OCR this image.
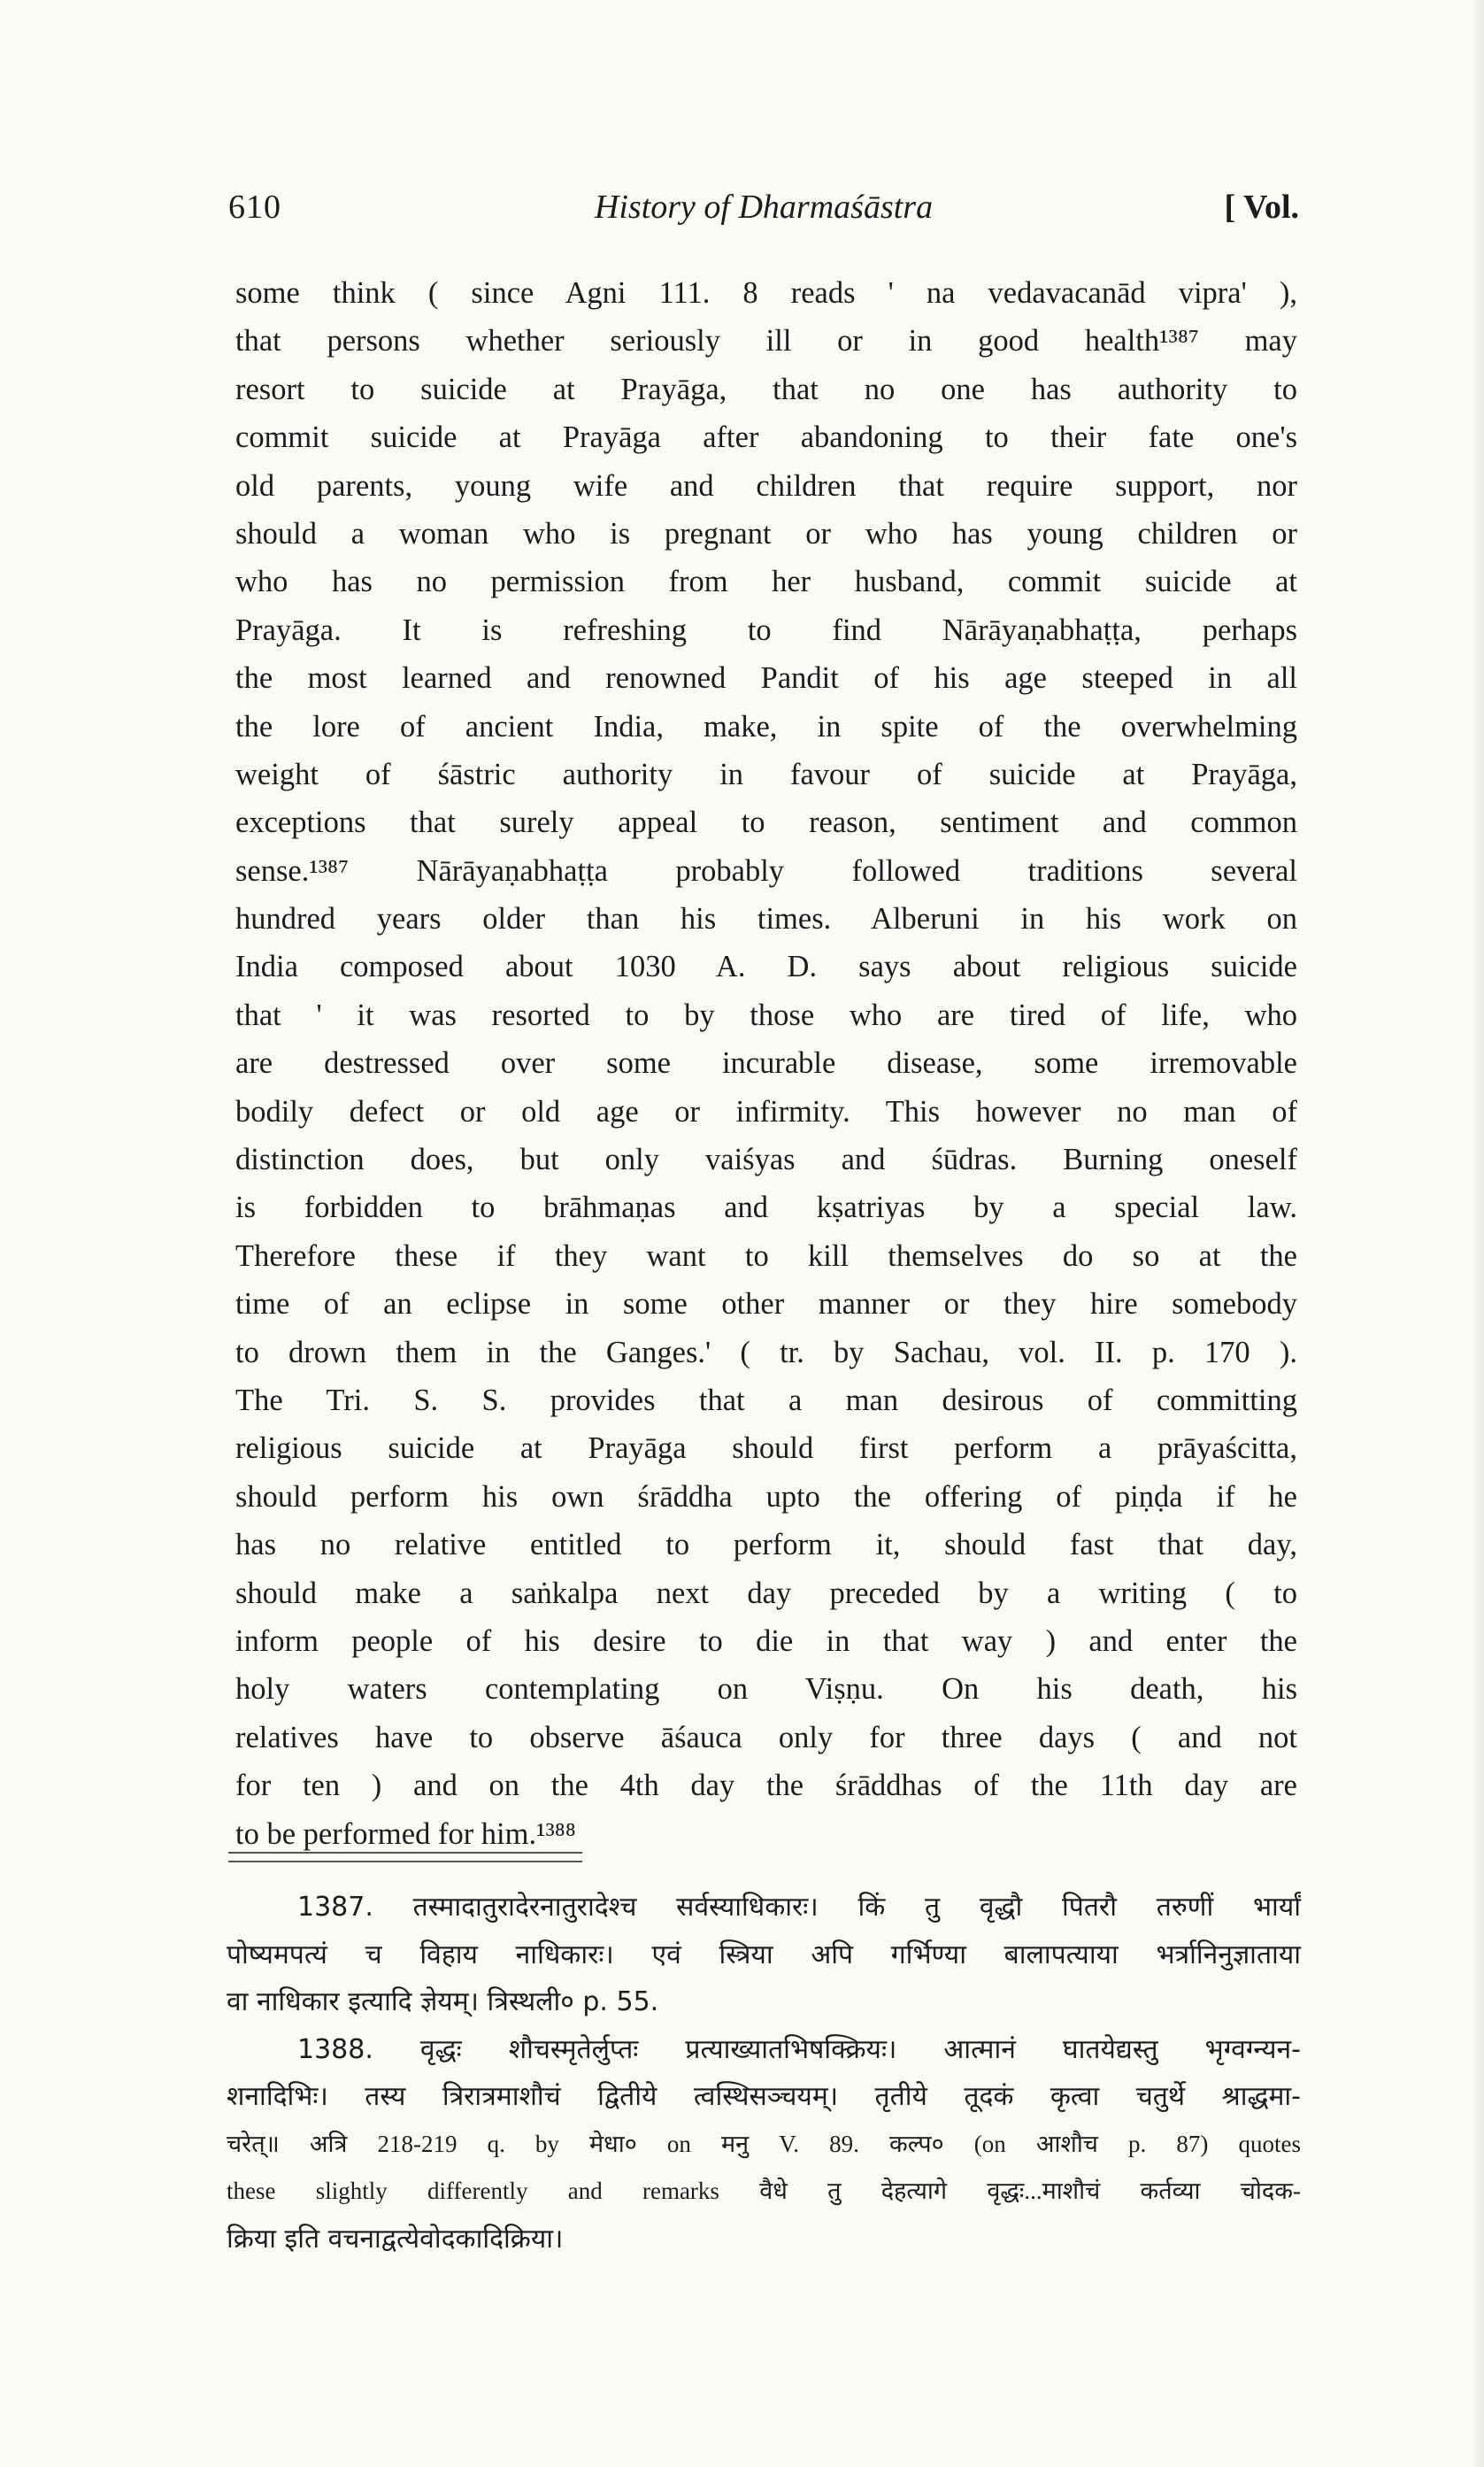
610	History of Dharmaśāstra	[ Vol.
some think ( since Agni 111. 8 reads ' na vedavacanād vipra' ),
that persons whether seriously ill or in good health¹³⁸⁷ may
resort to suicide at Prayāga, that no one has authority to
commit suicide at Prayāga after abandoning to their fate one's
old parents, young wife and children that require support, nor
should a woman who is pregnant or who has young children or
who has no permission from her husband, commit suicide at
Prayāga. It is refreshing to find Nārāyaṇabhaṭṭa, perhaps
the most learned and renowned Pandit of his age steeped in all
the lore of ancient India, make, in spite of the overwhelming
weight of śāstric authority in favour of suicide at Prayāga,
exceptions that surely appeal to reason, sentiment and common
sense.¹³⁸⁷ Nārāyaṇabhaṭṭa probably followed traditions several
hundred years older than his times. Alberuni in his work on
India composed about 1030 A. D. says about religious suicide
that ' it was resorted to by those who are tired of life, who
are destressed over some incurable disease, some irremovable
bodily defect or old age or infirmity. This however no man of
distinction does, but only vaiśyas and śūdras. Burning oneself
is forbidden to brāhmaṇas and kṣatriyas by a special law.
Therefore these if they want to kill themselves do so at the
time of an eclipse in some other manner or they hire somebody
to drown them in the Ganges.' ( tr. by Sachau, vol. II. p. 170 ).
The Tri. S. S. provides that a man desirous of committing
religious suicide at Prayāga should first perform a prāyaścitta,
should perform his own śrāddha upto the offering of piṇḍa if he
has no relative entitled to perform it, should fast that day,
should make a saṅkalpa next day preceded by a writing ( to
inform people of his desire to die in that way ) and enter the
holy waters contemplating on Viṣṇu. On his death, his
relatives have to observe āśauca only for three days ( and not
for ten ) and on the 4th day the śrāddhas of the 11th day are
to be performed for him.¹³⁸⁸
1387. तस्मादातुरादेरनातुरादेश्च सर्वस्याधिकारः। किं तु वृद्धौ पितरौ तरुणीं भार्यां
पोष्यमपत्यं च विहाय नाधिकारः। एवं स्त्रिया अपि गर्भिण्या बालापत्याया भर्त्रानिनुज्ञाताया
वा नाधिकार इत्यादि ज्ञेयम्। त्रिस्थली० p. 55.
1388. वृद्धः शौचस्मृतेर्लुप्तः प्रत्याख्यातभिषक्क्रियः। आत्मानं घातयेद्यस्तु भृग्वग्न्यन-
शनादिभिः। तस्य त्रिरात्रमाशौचं द्वितीये त्वस्थिसञ्चयम्। तृतीये तूदकं कृत्वा चतुर्थे श्राद्धमा-
चरेत्॥ अत्रि 218-219 q. by मेधा० on मनु V. 89. कल्प० (on आशौच p. 87) quotes
these slightly differently and remarks वैधे तु देहत्यागे वृद्धः...माशौचं कर्तव्या चोदक-
क्रिया इति वचनाद्वत्येवोदकादिक्रिया।
